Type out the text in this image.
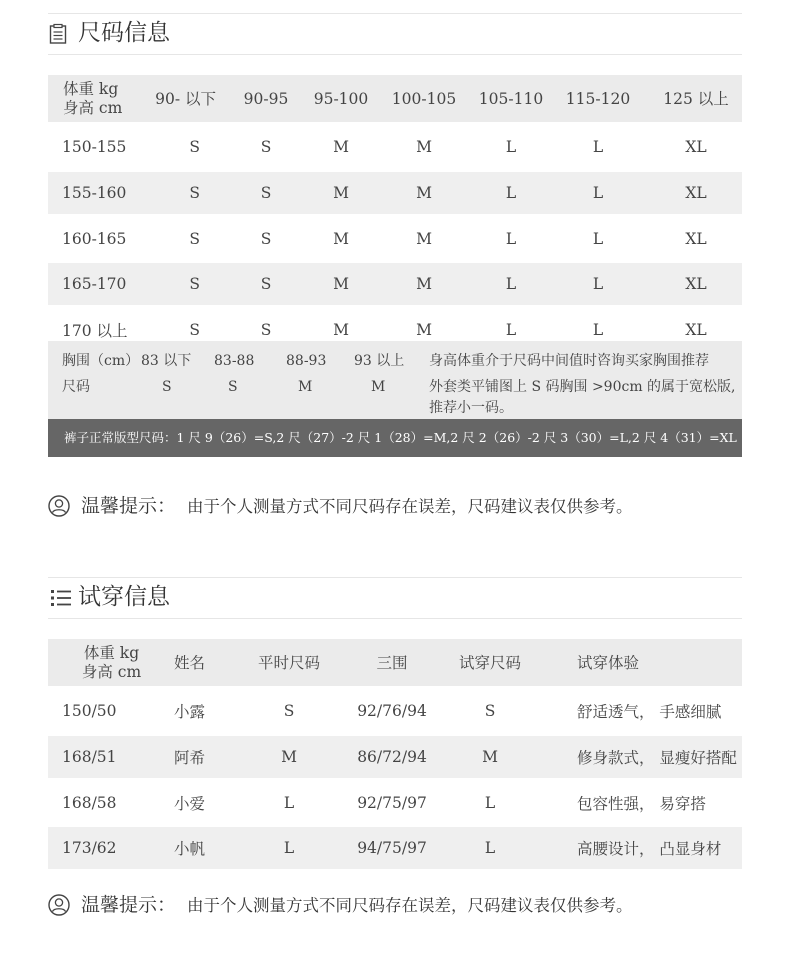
尺码信息
体重 kg
身高 cm	90- 以下	90-95	95-100	100-105	105-110	115-120	125 以上
150-155	S	S	M	M	L	L	XL
155-160	S	S	M	M	L	L	XL
160-165	S	S	M	M	L	L	XL
165-170	S	S	M	M	L	L	XL
170 以上	S	S	M	M	L	L	XL
胸围（cm） 83 以下 83-88 88-93 93 以上
尺码	S	S	M	M
身高体重介于尺码中间值时咨询买家胸围推荐
外套类平铺图上 S 码胸围 >90cm 的属于宽松版,
推荐小一码。
裤子正常版型尺码：1 尺 9（26）=S,2 尺（27）-2 尺 1（28）=M,2 尺 2（26）-2 尺 3（30）=L,2 尺 4（31）=XL
温馨提示： 由于个人测量方式不同尺码存在误差，尺码建议表仅供参考。
试穿信息
体重 kg
身高 cm	姓名	平时尺码	三围	试穿尺码	试穿体验
150/50	小露	S	92/76/94	S	舒适透气， 手感细腻
168/51	阿希	M	86/72/94	M	修身款式， 显瘦好搭配
168/58	小爱	L	92/75/97	L	包容性强， 易穿搭
173/62	小帆	L	94/75/97	L	高腰设计， 凸显身材
温馨提示： 由于个人测量方式不同尺码存在误差，尺码建议表仅供参考。
